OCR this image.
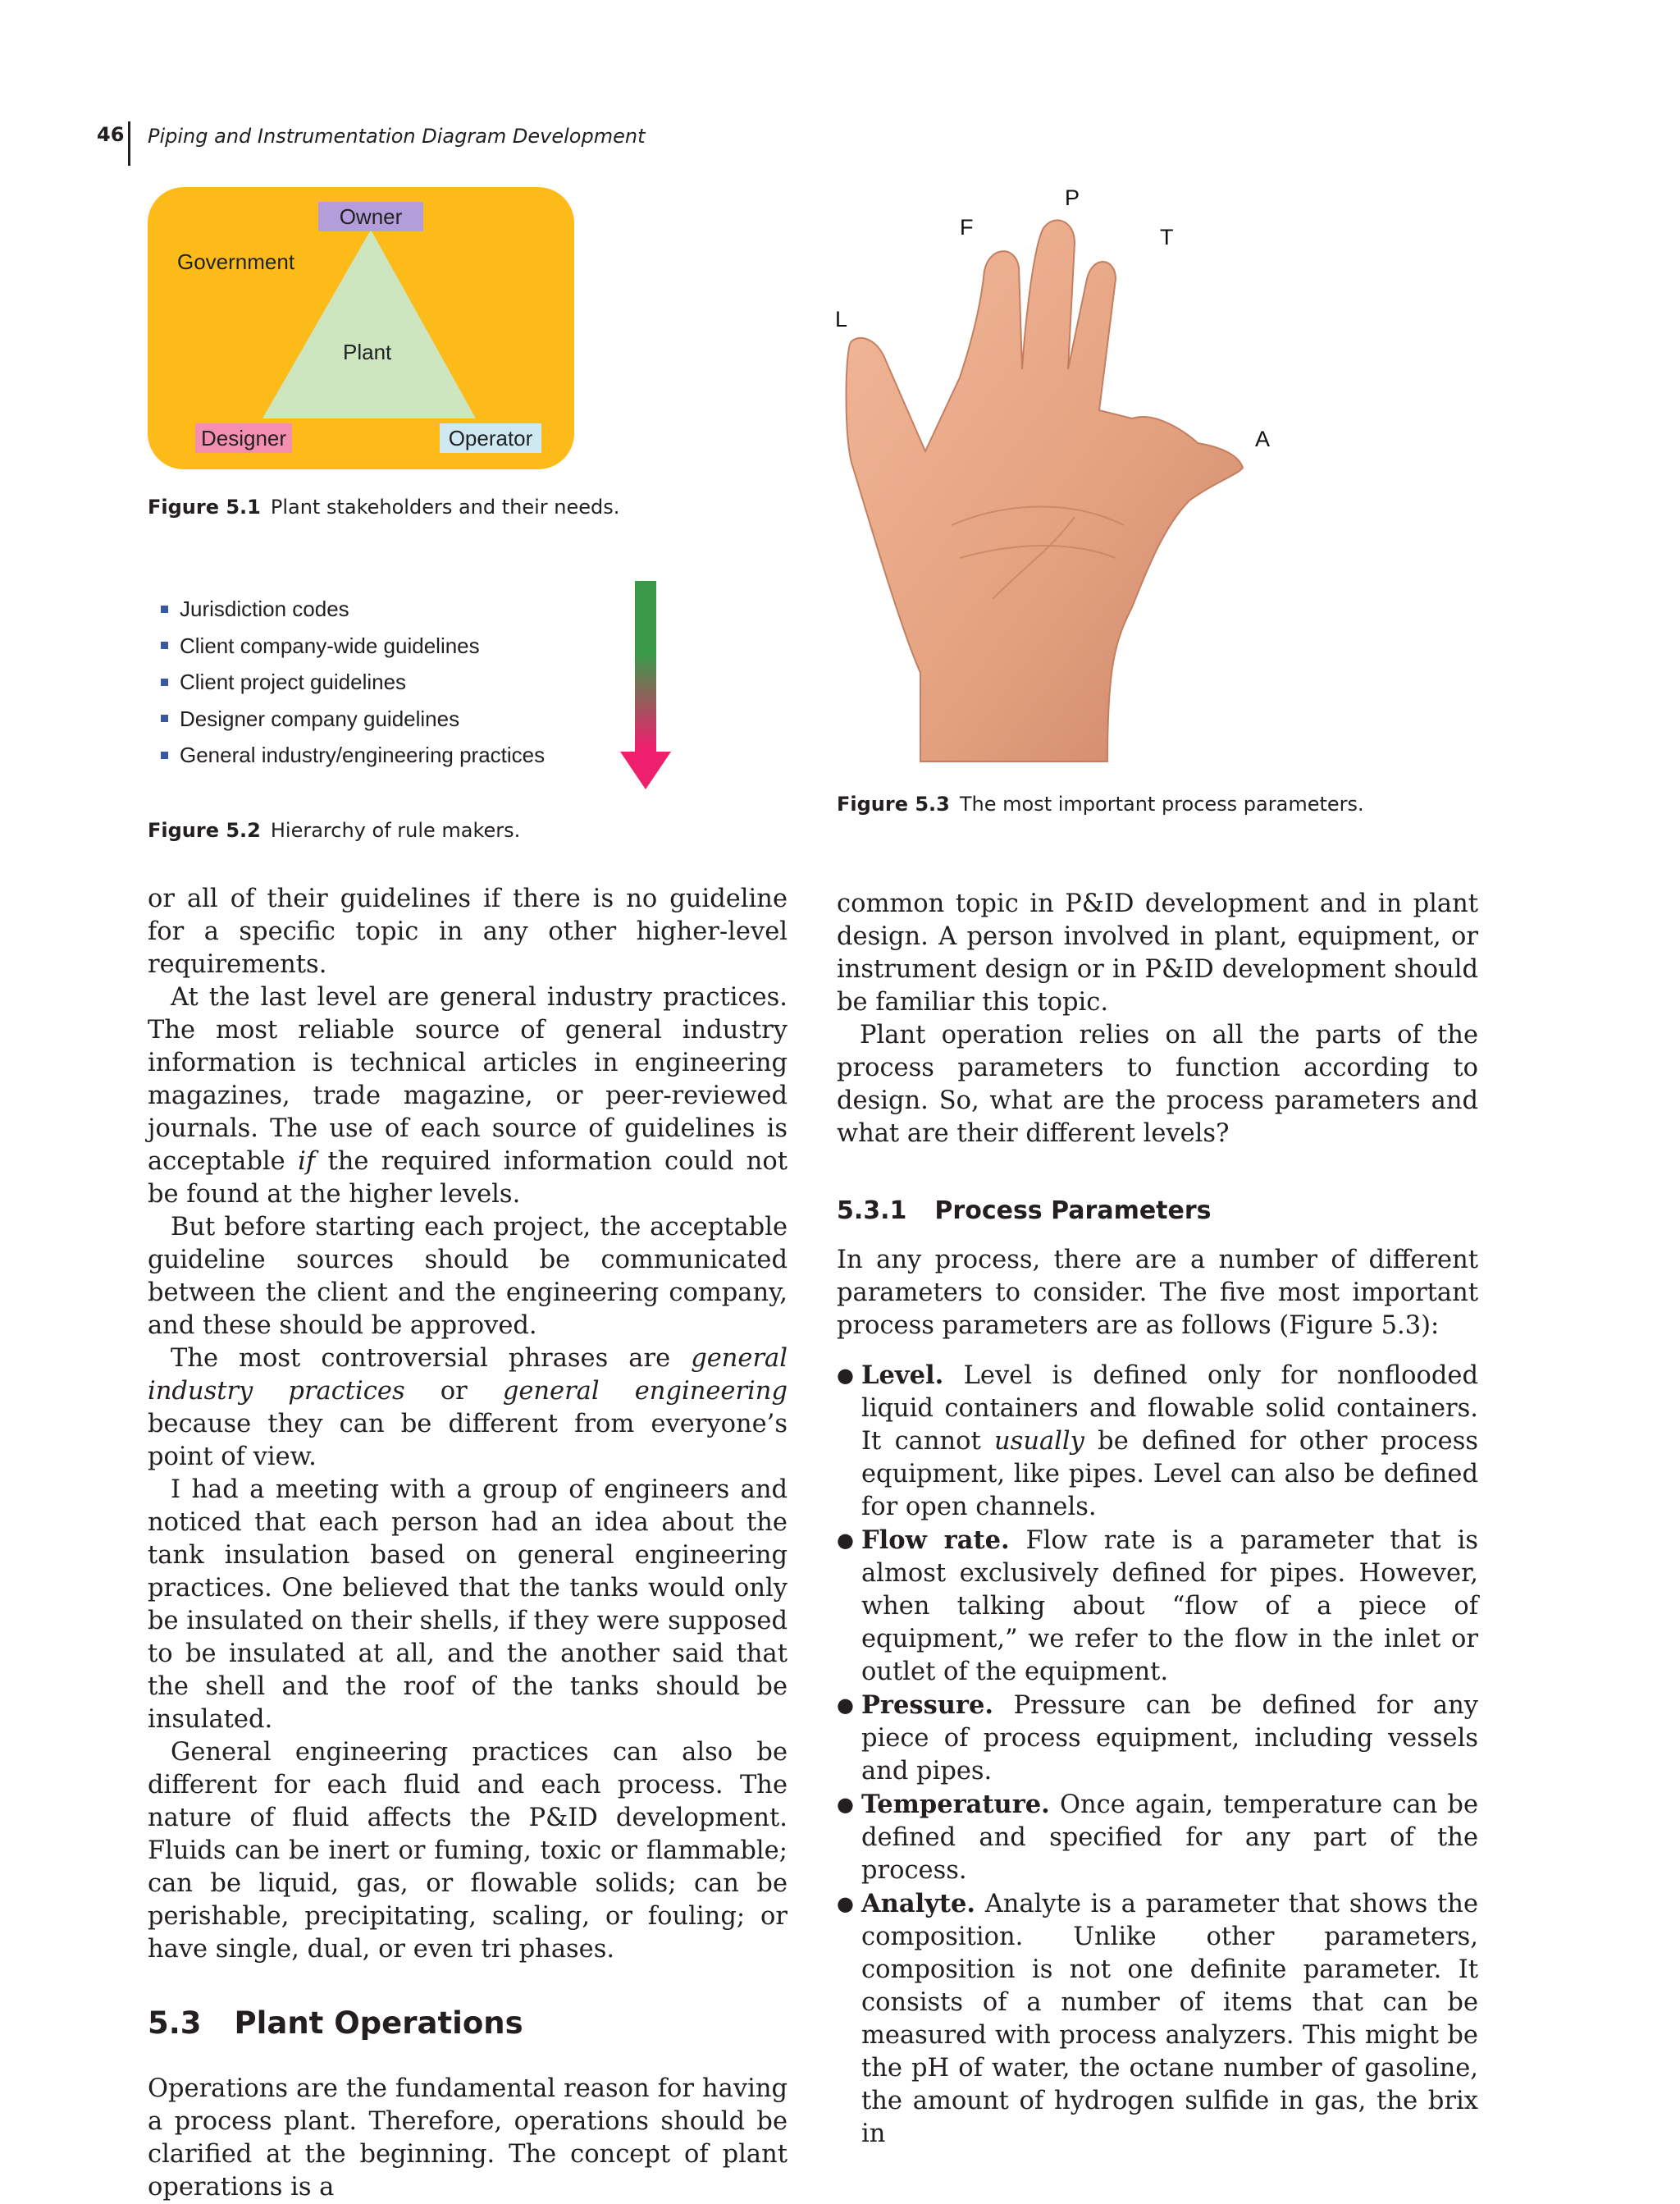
46 Piping and Instrumentation Diagram Development
Owner
Government
Plant
Designer	Operator
Figure 5.1 Plant stakeholders and their needs.
Jurisdiction codes
Client company-wide guidelines
Client project guidelines
Designer company guidelines
General industry/engineering practices
Figure 5.2 Hierarchy of rule makers.
L
F
P
T
A
Figure 5.3 The most important process parameters.

or all of their guidelines if there is no guideline for a specific topic in any other higher-level requirements.

At the last level are general industry practices. The most reliable source of general industry information is technical articles in engineering magazines, trade magazine, or peer-reviewed journals. The use of each source of guidelines is acceptable if the required information could not be found at the higher levels.

But before starting each project, the acceptable guideline sources should be communicated between the client and the engineering company, and these should be approved.

The most controversial phrases are general industry practices or general engineering because they can be different from everyone’s point of view.

I had a meeting with a group of engineers and noticed that each person had an idea about the tank insulation based on general engineering practices. One believed that the tanks would only be insulated on their shells, if they were supposed to be insulated at all, and the another said that the shell and the roof of the tanks should be insulated.

General engineering practices can also be different for each fluid and each process. The nature of fluid affects the P&ID development. Fluids can be inert or fuming, toxic or flammable; can be liquid, gas, or flowable solids; can be perishable, precipitating, scaling, or fouling; or have single, dual, or even tri phases.

5.3 Plant Operations

Operations are the fundamental reason for having a process plant. Therefore, operations should be clarified at the beginning. The concept of plant operations is a

common topic in P&ID development and in plant design. A person involved in plant, equipment, or instrument design or in P&ID development should be familiar this topic.

Plant operation relies on all the parts of the process parameters to function according to design. So, what are the process parameters and what are their different levels?

5.3.1 Process Parameters

In any process, there are a number of different parameters to consider. The five most important process parameters are as follows (Figure 5.3):

● Level. Level is defined only for nonflooded liquid containers and flowable solid containers. It cannot usually be defined for other process equipment, like pipes. Level can also be defined for open channels.
● Flow rate. Flow rate is a parameter that is almost exclusively defined for pipes. However, when talking about “flow of a piece of equipment,” we refer to the flow in the inlet or outlet of the equipment.
● Pressure. Pressure can be defined for any piece of process equipment, including vessels and pipes.
● Temperature. Once again, temperature can be defined and specified for any part of the process.
● Analyte. Analyte is a parameter that shows the composition. Unlike other parameters, composition is not one definite parameter. It consists of a number of items that can be measured with process analyzers. This might be the pH of water, the octane number of gasoline, the amount of hydrogen sulfide in gas, the brix in
